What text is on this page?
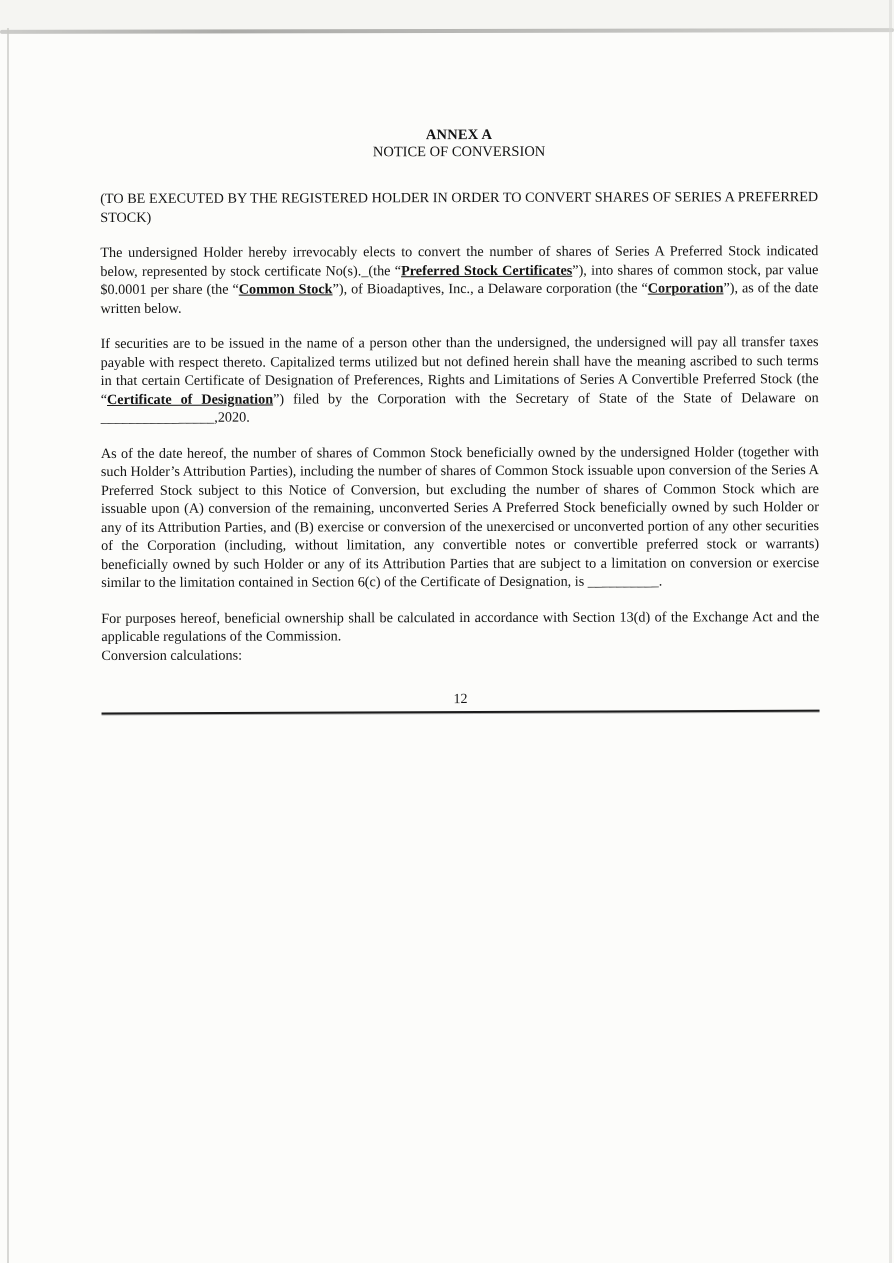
ANNEX A
NOTICE OF CONVERSION

(TO BE EXECUTED BY THE REGISTERED HOLDER IN ORDER TO CONVERT SHARES OF SERIES A PREFERRED STOCK)

The undersigned Holder hereby irrevocably elects to convert the number of shares of Series A Preferred Stock indicated below, represented by stock certificate No(s)._(the “Preferred Stock Certificates”), into shares of common stock, par value $0.0001 per share (the “Common Stock”), of Bioadaptives, Inc., a Delaware corporation (the “Corporation”), as of the date written below.

If securities are to be issued in the name of a person other than the undersigned, the undersigned will pay all transfer taxes payable with respect thereto. Capitalized terms utilized but not defined herein shall have the meaning ascribed to such terms in that certain Certificate of Designation of Preferences, Rights and Limitations of Series A Convertible Preferred Stock (the “Certificate of Designation”) filed by the Corporation with the Secretary of State of the State of Delaware on ________________,2020.

As of the date hereof, the number of shares of Common Stock beneficially owned by the undersigned Holder (together with such Holder’s Attribution Parties), including the number of shares of Common Stock issuable upon conversion of the Series A Preferred Stock subject to this Notice of Conversion, but excluding the number of shares of Common Stock which are issuable upon (A) conversion of the remaining, unconverted Series A Preferred Stock beneficially owned by such Holder or any of its Attribution Parties, and (B) exercise or conversion of the unexercised or unconverted portion of any other securities of the Corporation (including, without limitation, any convertible notes or convertible preferred stock or warrants) beneficially owned by such Holder or any of its Attribution Parties that are subject to a limitation on conversion or exercise similar to the limitation contained in Section 6(c) of the Certificate of Designation, is __________.

For purposes hereof, beneficial ownership shall be calculated in accordance with Section 13(d) of the Exchange Act and the applicable regulations of the Commission.

Conversion calculations:

12
